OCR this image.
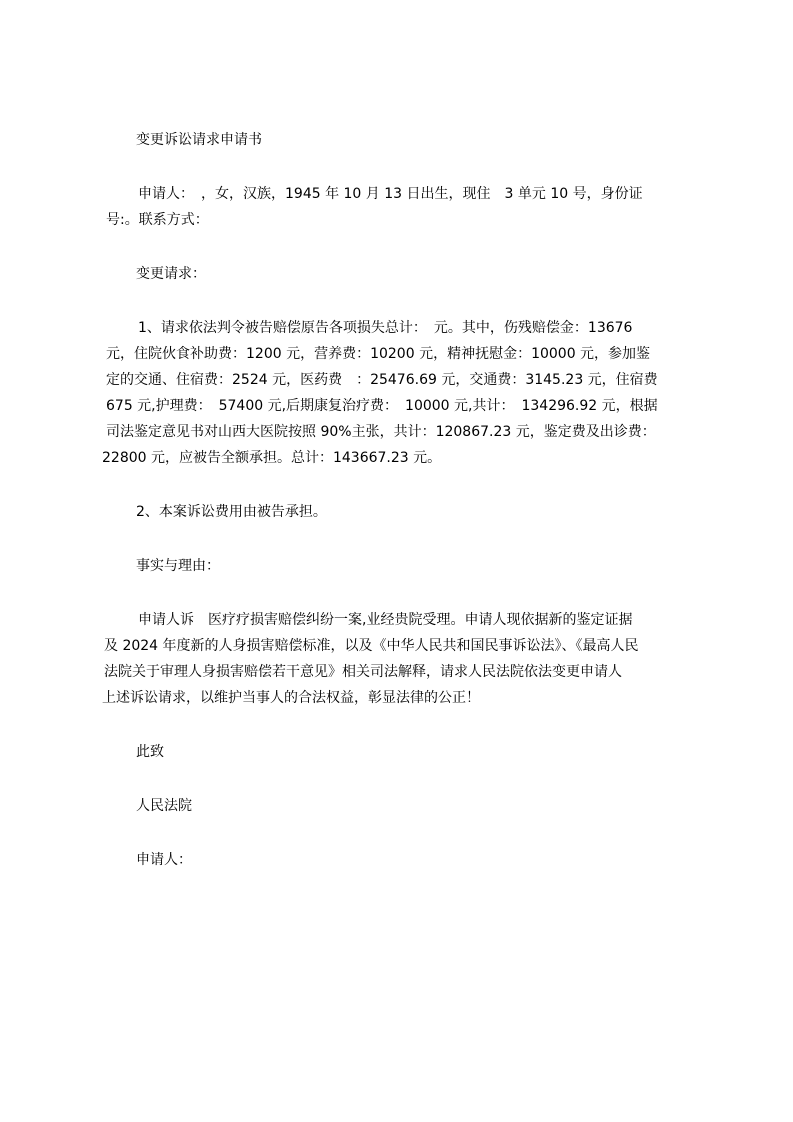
变更诉讼请求申请书
申请人：　，女，汉族，1945 年 10 月 13 日出生，现住　3 单元 10 号，身份证
号:。联系方式：
变更请求：
1、请求依法判令被告赔偿原告各项损失总计：　元。其中，伤残赔偿金：13676
元，住院伙食补助费：1200 元，营养费：10200 元，精神抚慰金：10000 元，参加鉴
定的交通、住宿费：2524 元，医药费　：25476.69 元，交通费：3145.23 元，住宿费
675 元,护理费：　57400 元,后期康复治疗费：　10000 元,共计：　134296.92 元，根据
司法鉴定意见书对山西大医院按照 90%主张，共计：120867.23 元，鉴定费及出诊费：
22800 元，应被告全额承担。总计：143667.23 元。
2、本案诉讼费用由被告承担。
事实与理由：
申请人诉　医疗疗损害赔偿纠纷一案,业经贵院受理。申请人现依据新的鉴定证据
及 2024 年度新的人身损害赔偿标准，以及《中华人民共和国民事诉讼法》、《最高人民
法院关于审理人身损害赔偿若干意见》相关司法解释，请求人民法院依法变更申请人
上述诉讼请求，以维护当事人的合法权益，彰显法律的公正！
此致
人民法院
申请人：
